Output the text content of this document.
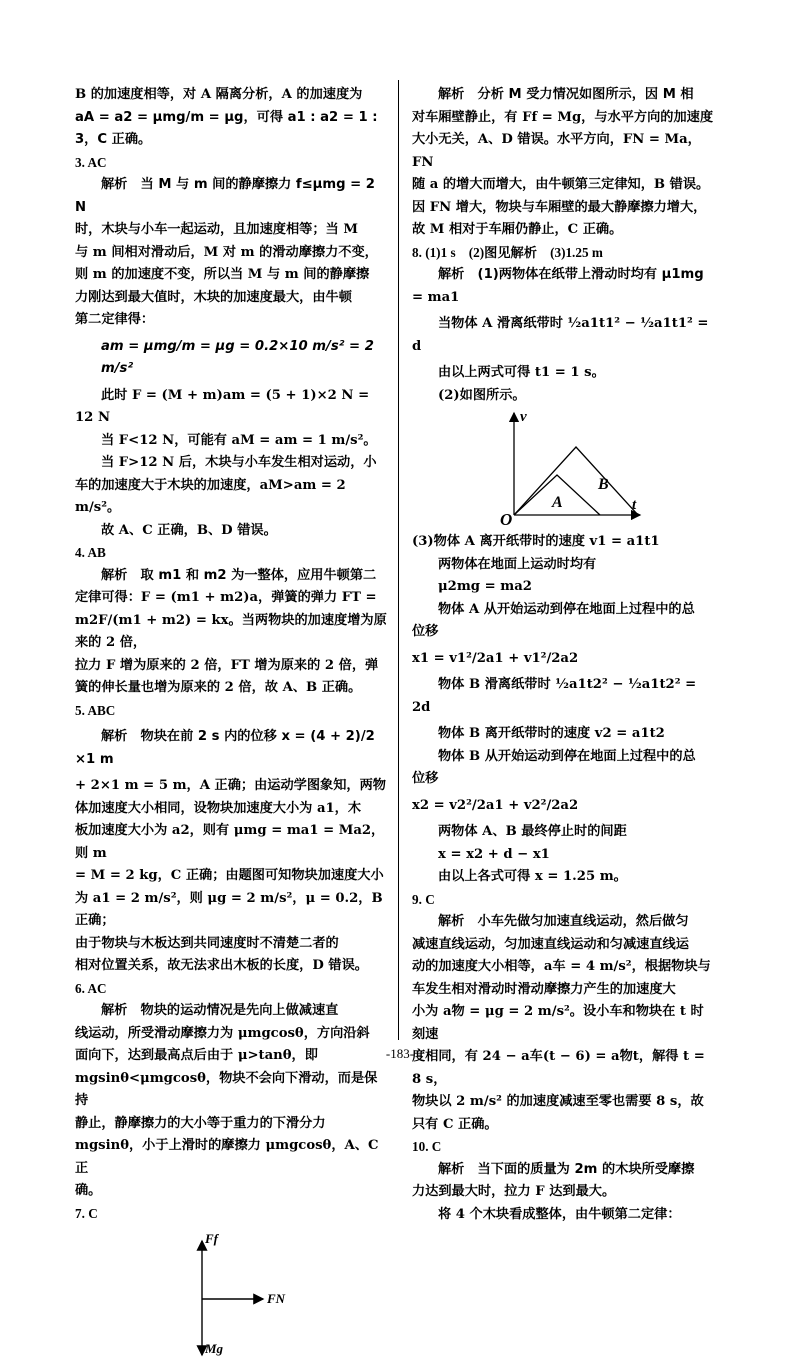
B 的加速度相等，对 A 隔离分析，A 的加速度为

aA = a2 = μmg/m = μg，可得 a1 : a2 = 1 : 3，C 正确。

3. AC

解析　当 M 与 m 间的静摩擦力 f≤μmg = 2 N

时，木块与小车一起运动，且加速度相等；当 M

与 m 间相对滑动后，M 对 m 的滑动摩擦力不变，

则 m 的加速度不变，所以当 M 与 m 间的静摩擦

力刚达到最大值时，木块的加速度最大，由牛顿

第二定律得：

am = μmg/m = μg = 0.2×10 m/s² = 2 m/s²

此时 F = (M + m)am = (5 + 1)×2 N = 12 N

当 F<12 N，可能有 aM = am = 1 m/s²。

当 F>12 N 后，木块与小车发生相对运动，小

车的加速度大于木块的加速度，aM>am = 2 m/s²。

故 A、C 正确，B、D 错误。

4. AB

解析　取 m1 和 m2 为一整体，应用牛顿第二

定律可得：F = (m1 + m2)a，弹簧的弹力 FT =

m2F/(m1 + m2) = kx。当两物块的加速度增为原来的 2 倍，

拉力 F 增为原来的 2 倍，FT 增为原来的 2 倍，弹

簧的伸长量也增为原来的 2 倍，故 A、B 正确。

5. ABC

解析　物块在前 2 s 内的位移 x = (4 + 2)/2 ×1 m

+ 2×1 m = 5 m，A 正确；由运动学图象知，两物

体加速度大小相同，设物块加速度大小为 a1，木

板加速度大小为 a2，则有 μmg = ma1 = Ma2，则 m

= M = 2 kg，C 正确；由题图可知物块加速度大小

为 a1 = 2 m/s²，则 μg = 2 m/s²，μ = 0.2，B 正确；

由于物块与木板达到共同速度时不清楚二者的

相对位置关系，故无法求出木板的长度，D 错误。

6. AC

解析　物块的运动情况是先向上做减速直

线运动，所受滑动摩擦力为 μmgcosθ，方向沿斜

面向下，达到最高点后由于 μ>tanθ，即

mgsinθ<μmgcosθ，物块不会向下滑动，而是保持

静止，静摩擦力的大小等于重力的下滑分力

mgsinθ，小于上滑时的摩擦力 μmgcosθ，A、C 正

确。

7. C

Ff
FN
Mg

解析　分析 M 受力情况如图所示，因 M 相

对车厢壁静止，有 Ff = Mg，与水平方向的加速度

大小无关，A、D 错误。水平方向，FN = Ma，FN

随 a 的增大而增大，由牛顿第三定律知，B 错误。

因 FN 增大，物块与车厢壁的最大静摩擦力增大，

故 M 相对于车厢仍静止，C 正确。

8. (1)1 s　(2)图见解析　(3)1.25 m

解析　(1)两物体在纸带上滑动时均有 μ1mg

= ma1

当物体 A 滑离纸带时 ½a1t1² − ½a1t1² = d

由以上两式可得 t1 = 1 s。

(2)如图所示。

v
t
O
A
B

(3)物体 A 离开纸带时的速度 v1 = a1t1

两物体在地面上运动时均有

μ2mg = ma2

物体 A 从开始运动到停在地面上过程中的总

位移

x1 = v1²/2a1 + v1²/2a2

物体 B 滑离纸带时 ½a1t2² − ½a1t2² = 2d

物体 B 离开纸带时的速度 v2 = a1t2

物体 B 从开始运动到停在地面上过程中的总

位移

x2 = v2²/2a1 + v2²/2a2

两物体 A、B 最终停止时的间距

x = x2 + d − x1

由以上各式可得 x = 1.25 m。

9. C

解析　小车先做匀加速直线运动，然后做匀

减速直线运动，匀加速直线运动和匀减速直线运

动的加速度大小相等，a车 = 4 m/s²，根据物块与

车发生相对滑动时滑动摩擦力产生的加速度大

小为 a物 = μg = 2 m/s²。设小车和物块在 t 时刻速

度相同，有 24 − a车(t − 6) = a物t，解得 t = 8 s，

物块以 2 m/s² 的加速度减速至零也需要 8 s，故

只有 C 正确。

10. C

解析　当下面的质量为 2m 的木块所受摩擦

力达到最大时，拉力 F 达到最大。

将 4 个木块看成整体，由牛顿第二定律：

-183-
